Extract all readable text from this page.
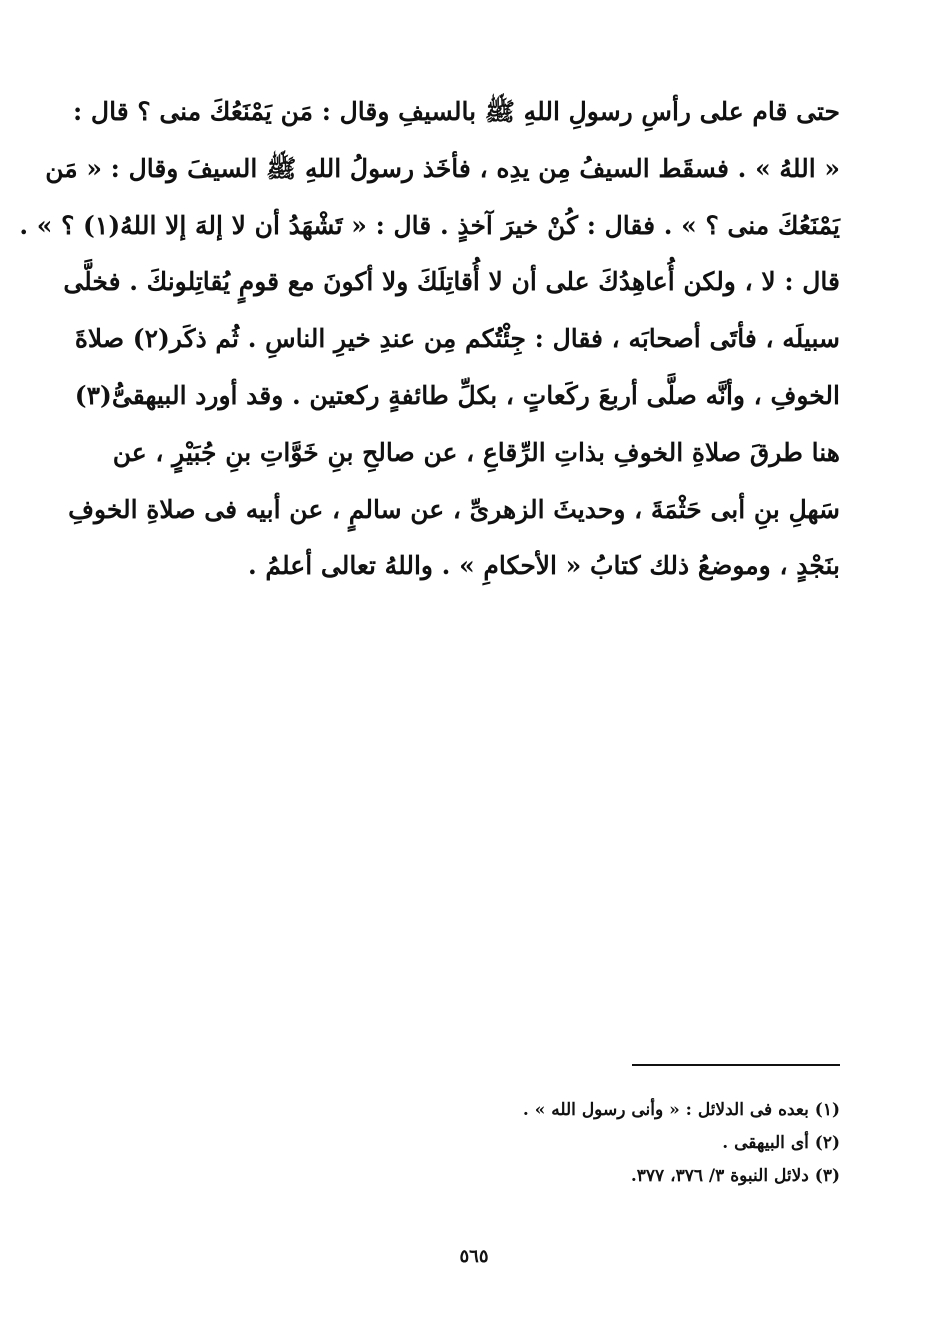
حتى قام على رأسِ رسولِ اللهِ ﷺ بالسيفِ وقال : مَن يَمْنَعُكَ منى ؟ قال :
« اللهُ » . فسقَط السيفُ مِن يدِه ، فأخَذ رسولُ اللهِ ﷺ السيفَ وقال : « مَن
يَمْنَعُكَ منى ؟ » . فقال : كُنْ خيرَ آخذٍ . قال : « تَشْهَدُ أن لا إلهَ إلا اللهُ(١) ؟ » .
قال : لا ، ولكن أُعاهِدُكَ على أن لا أُقاتِلَكَ ولا أكونَ مع قومٍ يُقاتِلونكَ . فخلَّى
سبيلَه ، فأتَى أصحابَه ، فقال : جِئْتُكم مِن عندِ خيرِ الناسِ . ثُم ذكَر(٢) صلاةَ
الخوفِ ، وأنَّه صلَّى أربعَ ركَعاتٍ ، بكلِّ طائفةٍ ركعتين . وقد أورد البيهقىُّ(٣)
هنا طرقَ صلاةِ الخوفِ بذاتِ الرِّقاعِ ، عن صالحِ بنِ خَوَّاتِ بنِ جُبَيْرٍ ، عن
سَهلِ بنِ أبى حَثْمَةَ ، وحديثَ الزهرىِّ ، عن سالمٍ ، عن أبيه فى صلاةِ الخوفِ
بنَجْدٍ ، وموضعُ ذلك كتابُ « الأحكامِ » . واللهُ تعالى أعلمُ .
(١) بعده فى الدلائل : « وأنى رسول الله » .
(٢) أى البيهقى .
(٣) دلائل النبوة ٣/ ٣٧٦، ٣٧٧.
٥٦٥
